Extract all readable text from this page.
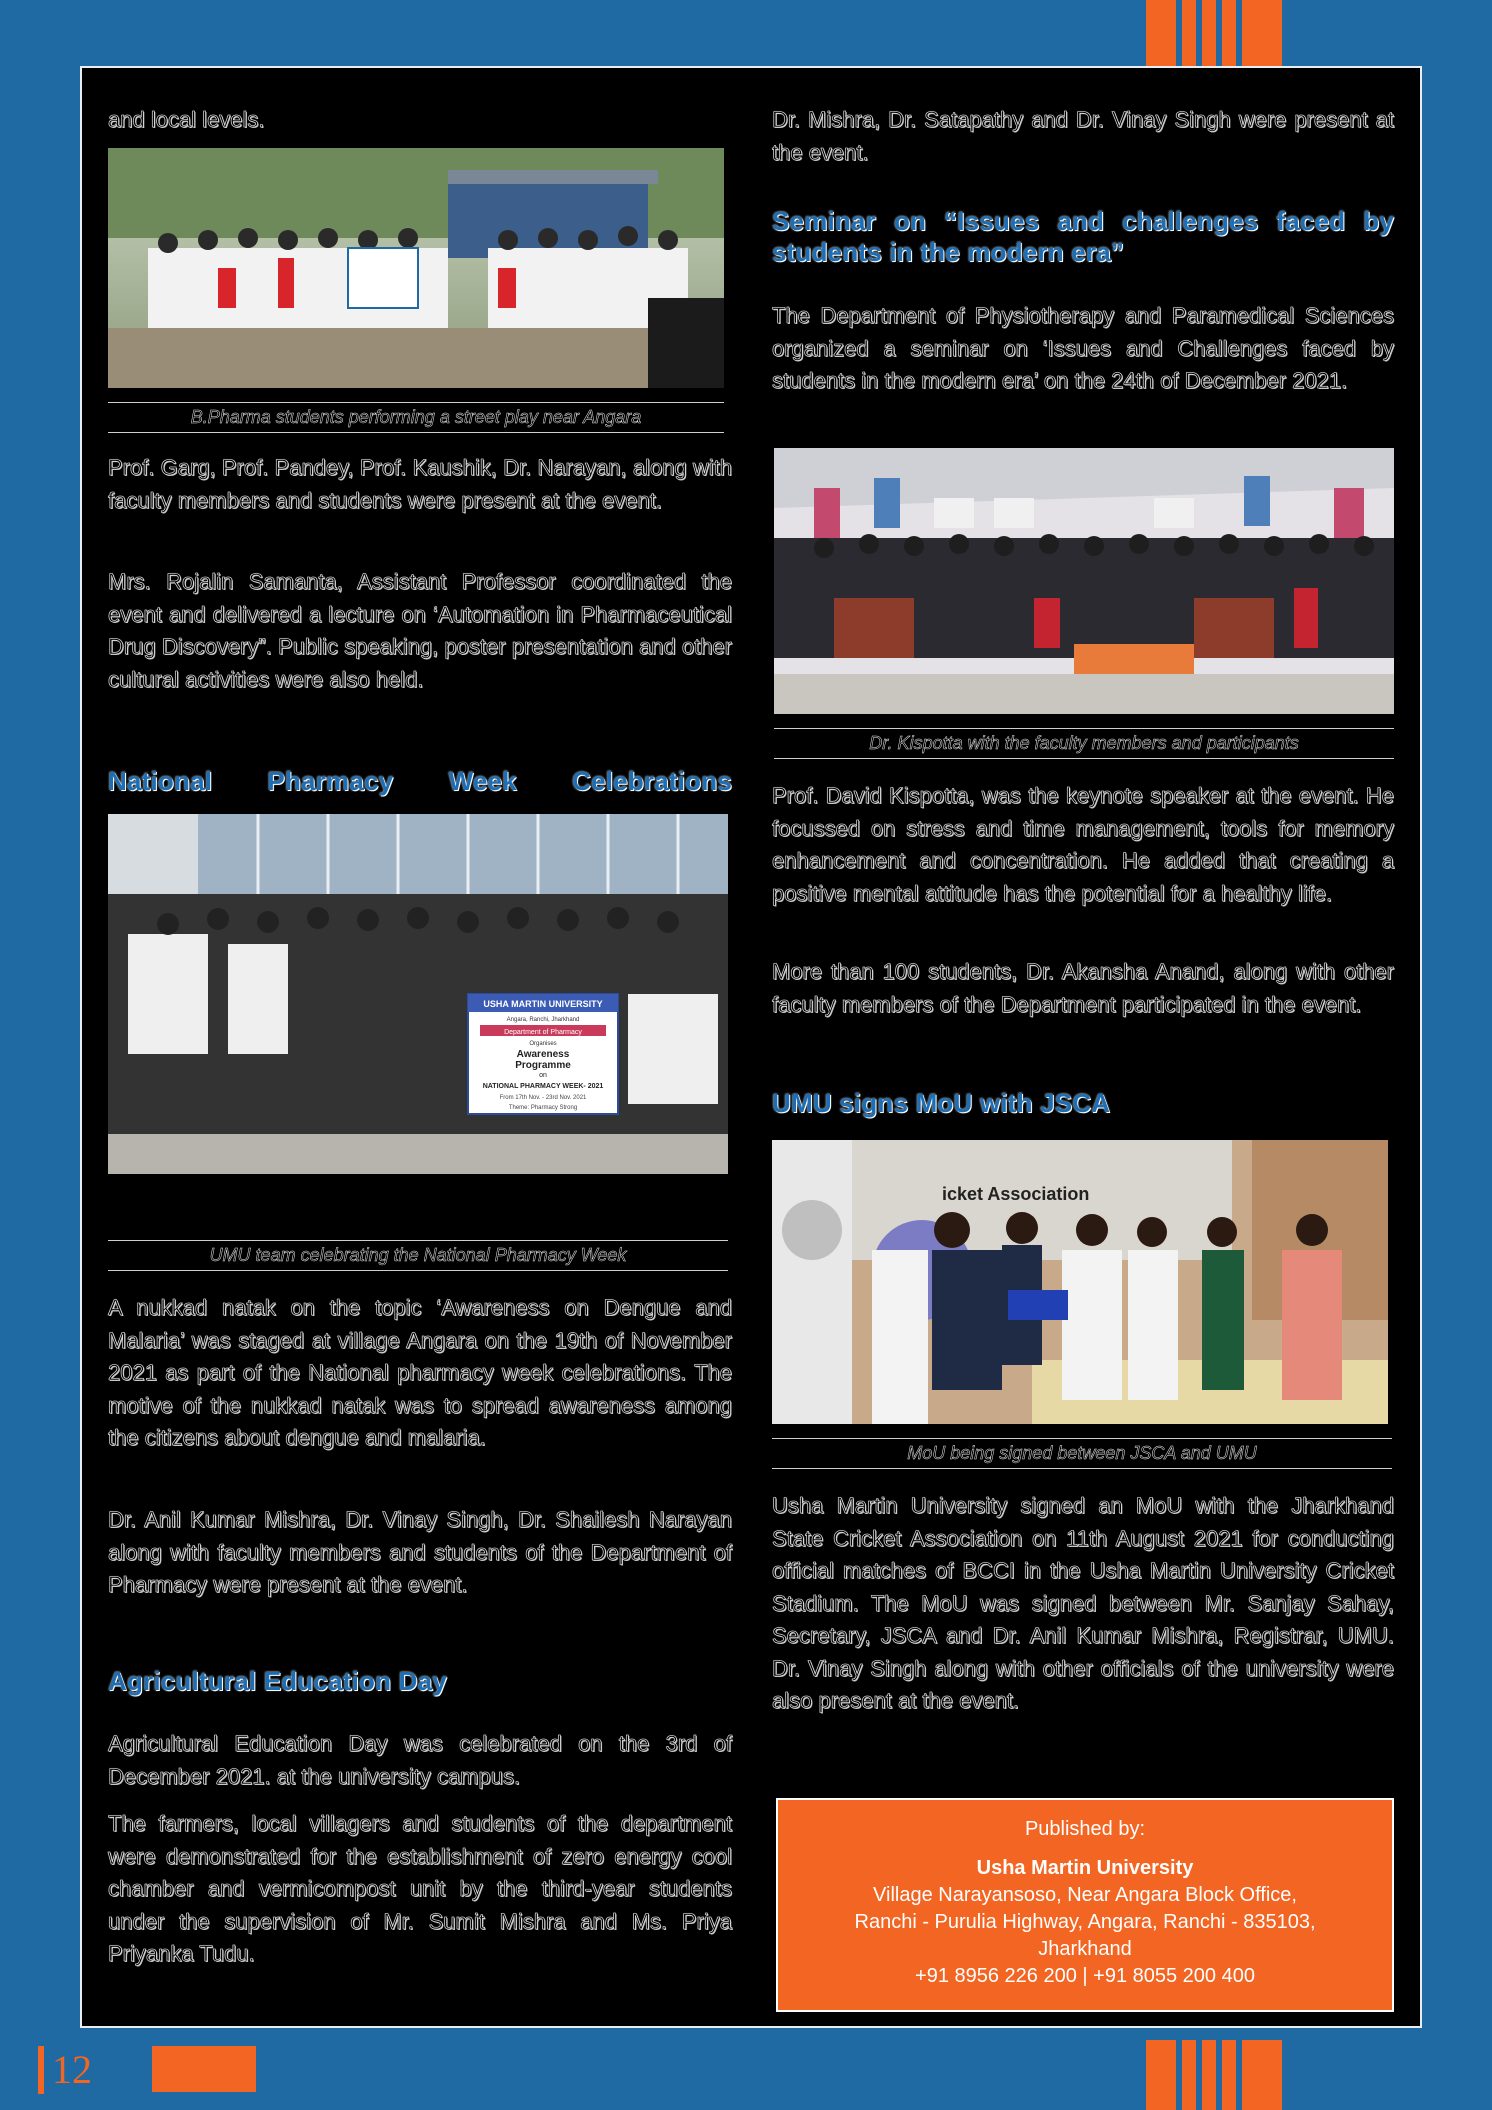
and local levels.

B.Pharma students performing a street play near Angara

Prof. Garg, Prof. Pandey, Prof. Kaushik, Dr. Narayan, along with faculty members and students were present at the event.

Mrs. Rojalin Samanta, Assistant Professor coordinated the event and delivered a lecture on ‘Automation in Pharmaceutical Drug Discovery”. Public speaking, poster presentation and other cultural activities were also held.

National Pharmacy Week Celebrations
USHA MARTIN UNIVERSITY
Angara, Ranchi, Jharkhand
Department of Pharmacy
Organises
Awareness
Programme
on
NATIONAL PHARMACY WEEK- 2021
From 17th Nov. - 23rd Nov. 2021
Theme: Pharmacy Strong
UMU team celebrating the National Pharmacy Week

A nukkad natak on the topic ‘Awareness on Dengue and Malaria’ was staged at village Angara on the 19th of November 2021 as part of the National pharmacy week celebrations. The motive of the nukkad natak was to spread awareness among the citizens about dengue and malaria.

Dr. Anil Kumar Mishra, Dr. Vinay Singh, Dr. Shailesh Narayan along with faculty members and students of the Department of Pharmacy were present at the event.

Agricultural Education Day

Agricultural Education Day was celebrated on the 3rd of December 2021. at the university campus.

The farmers, local villagers and students of the department were demonstrated for the establishment of zero energy cool chamber and vermicompost unit by the third-year students under the supervision of Mr. Sumit Mishra and Ms. Priya Priyanka Tudu.

Dr. Mishra, Dr. Satapathy and Dr. Vinay Singh were present at the event.

Seminar on “Issues and challenges faced by students in the modern era”

The Department of Physiotherapy and Paramedical Sciences organized a seminar on ‘Issues and Challenges faced by students in the modern era’ on the 24th of December 2021.

Dr. Kispotta with the faculty members and participants

Prof. David Kispotta, was the keynote speaker at the event. He focussed on stress and time management, tools for memory enhancement and concentration. He added that creating a positive mental attitude has the potential for a healthy life.

More than 100 students, Dr. Akansha Anand, along with other faculty members of the Department participated in the event.

UMU signs MoU with JSCA
icket Association
MoU being signed between JSCA and UMU

Usha Martin University signed an MoU with the Jharkhand State Cricket Association on 11th August 2021 for conducting official matches of BCCI in the Usha Martin University Cricket Stadium. The MoU was signed between Mr. Sanjay Sahay, Secretary, JSCA and Dr. Anil Kumar Mishra, Registrar, UMU. Dr. Vinay Singh along with other officials of the university were also present at the event.

Published by:
Usha Martin University
Village Narayansoso, Near Angara Block Office,
Ranchi - Purulia Highway, Angara, Ranchi - 835103,
Jharkhand
+91 8956 226 200 | +91 8055 200 400
12
